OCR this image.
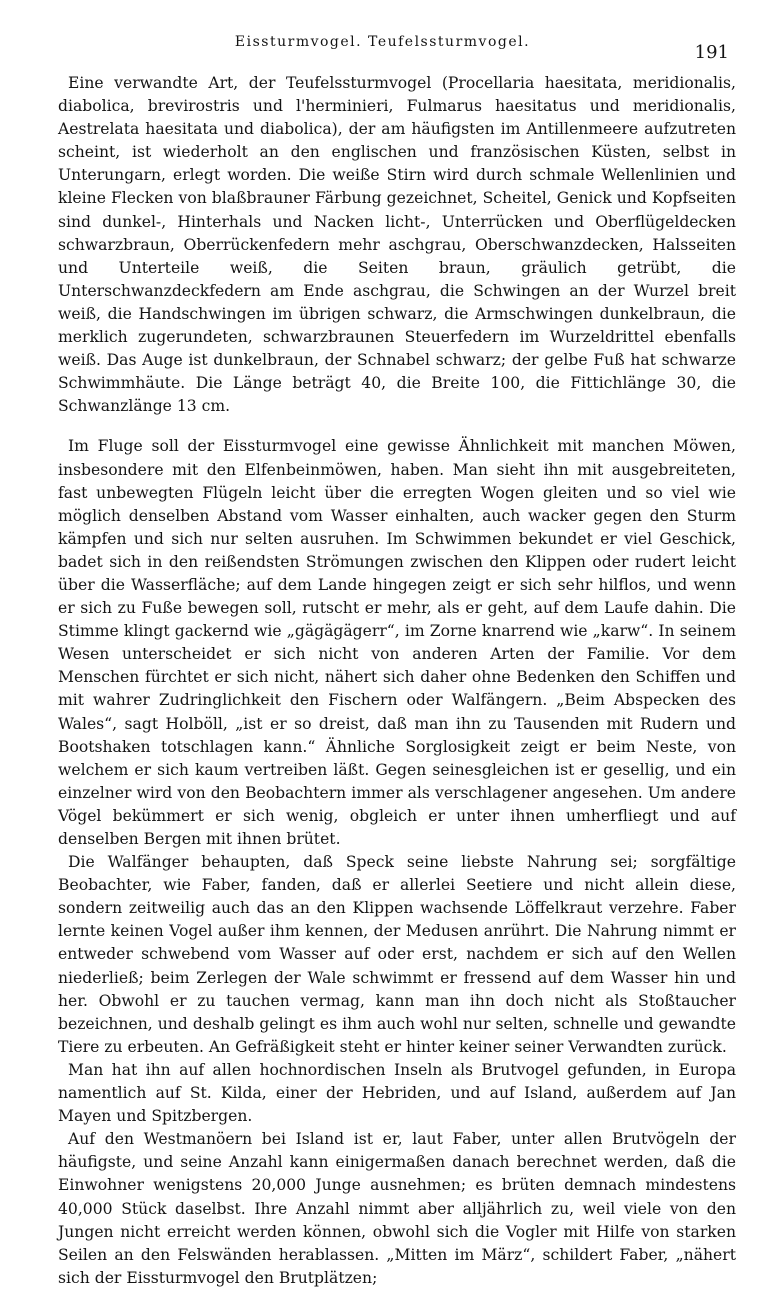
Eissturmvogel. Teufelssturmvogel.	191

Eine verwandte Art, der Teufelssturmvogel (Procellaria haesitata, meridionalis, diabolica, brevirostris und l'herminieri, Fulmarus haesitatus und meridionalis, Aestrelata haesitata und diabolica), der am häufigsten im Antillenmeere aufzutreten scheint, ist wiederholt an den englischen und französischen Küsten, selbst in Unterungarn, erlegt worden. Die weiße Stirn wird durch schmale Wellenlinien und kleine Flecken von blaßbrauner Färbung gezeichnet, Scheitel, Genick und Kopfseiten sind dunkel-, Hinterhals und Nacken licht-, Unterrücken und Oberflügeldecken schwarzbraun, Oberrückenfedern mehr aschgrau, Oberschwanzdecken, Halsseiten und Unterteile weiß, die Seiten braun, gräulich getrübt, die Unterschwanzdeckfedern am Ende aschgrau, die Schwingen an der Wurzel breit weiß, die Handschwingen im übrigen schwarz, die Armschwingen dunkelbraun, die merklich zugerundeten, schwarzbraunen Steuerfedern im Wurzeldrittel ebenfalls weiß. Das Auge ist dunkelbraun, der Schnabel schwarz; der gelbe Fuß hat schwarze Schwimmhäute. Die Länge beträgt 40, die Breite 100, die Fittichlänge 30, die Schwanzlänge 13 cm.

Im Fluge soll der Eissturmvogel eine gewisse Ähnlichkeit mit manchen Möwen, insbesondere mit den Elfenbeinmöwen, haben. Man sieht ihn mit ausgebreiteten, fast unbewegten Flügeln leicht über die erregten Wogen gleiten und so viel wie möglich denselben Abstand vom Wasser einhalten, auch wacker gegen den Sturm kämpfen und sich nur selten ausruhen. Im Schwimmen bekundet er viel Geschick, badet sich in den reißendsten Strömungen zwischen den Klippen oder rudert leicht über die Wasserfläche; auf dem Lande hingegen zeigt er sich sehr hilflos, und wenn er sich zu Fuße bewegen soll, rutscht er mehr, als er geht, auf dem Laufe dahin. Die Stimme klingt gackernd wie „gägägägerr“, im Zorne knarrend wie „karw“. In seinem Wesen unterscheidet er sich nicht von anderen Arten der Familie. Vor dem Menschen fürchtet er sich nicht, nähert sich daher ohne Bedenken den Schiffen und mit wahrer Zudringlichkeit den Fischern oder Walfängern. „Beim Abspecken des Wales“, sagt Holböll, „ist er so dreist, daß man ihn zu Tausenden mit Rudern und Bootshaken totschlagen kann.“ Ähnliche Sorglosigkeit zeigt er beim Neste, von welchem er sich kaum vertreiben läßt. Gegen seinesgleichen ist er gesellig, und ein einzelner wird von den Beobachtern immer als verschlagener angesehen. Um andere Vögel bekümmert er sich wenig, obgleich er unter ihnen umherfliegt und auf denselben Bergen mit ihnen brütet.

Die Walfänger behaupten, daß Speck seine liebste Nahrung sei; sorgfältige Beobachter, wie Faber, fanden, daß er allerlei Seetiere und nicht allein diese, sondern zeitweilig auch das an den Klippen wachsende Löffelkraut verzehre. Faber lernte keinen Vogel außer ihm kennen, der Medusen anrührt. Die Nahrung nimmt er entweder schwebend vom Wasser auf oder erst, nachdem er sich auf den Wellen niederließ; beim Zerlegen der Wale schwimmt er fressend auf dem Wasser hin und her. Obwohl er zu tauchen vermag, kann man ihn doch nicht als Stoßtaucher bezeichnen, und deshalb gelingt es ihm auch wohl nur selten, schnelle und gewandte Tiere zu erbeuten. An Gefräßigkeit steht er hinter keiner seiner Verwandten zurück.

Man hat ihn auf allen hochnordischen Inseln als Brutvogel gefunden, in Europa namentlich auf St. Kilda, einer der Hebriden, und auf Island, außerdem auf Jan Mayen und Spitzbergen.

Auf den Westmanöern bei Island ist er, laut Faber, unter allen Brutvögeln der häufigste, und seine Anzahl kann einigermaßen danach berechnet werden, daß die Einwohner wenigstens 20,000 Junge ausnehmen; es brüten demnach mindestens 40,000 Stück daselbst. Ihre Anzahl nimmt aber alljährlich zu, weil viele von den Jungen nicht erreicht werden können, obwohl sich die Vogler mit Hilfe von starken Seilen an den Felswänden herablassen. „Mitten im März“, schildert Faber, „nähert sich der Eissturmvogel den Brutplätzen;
